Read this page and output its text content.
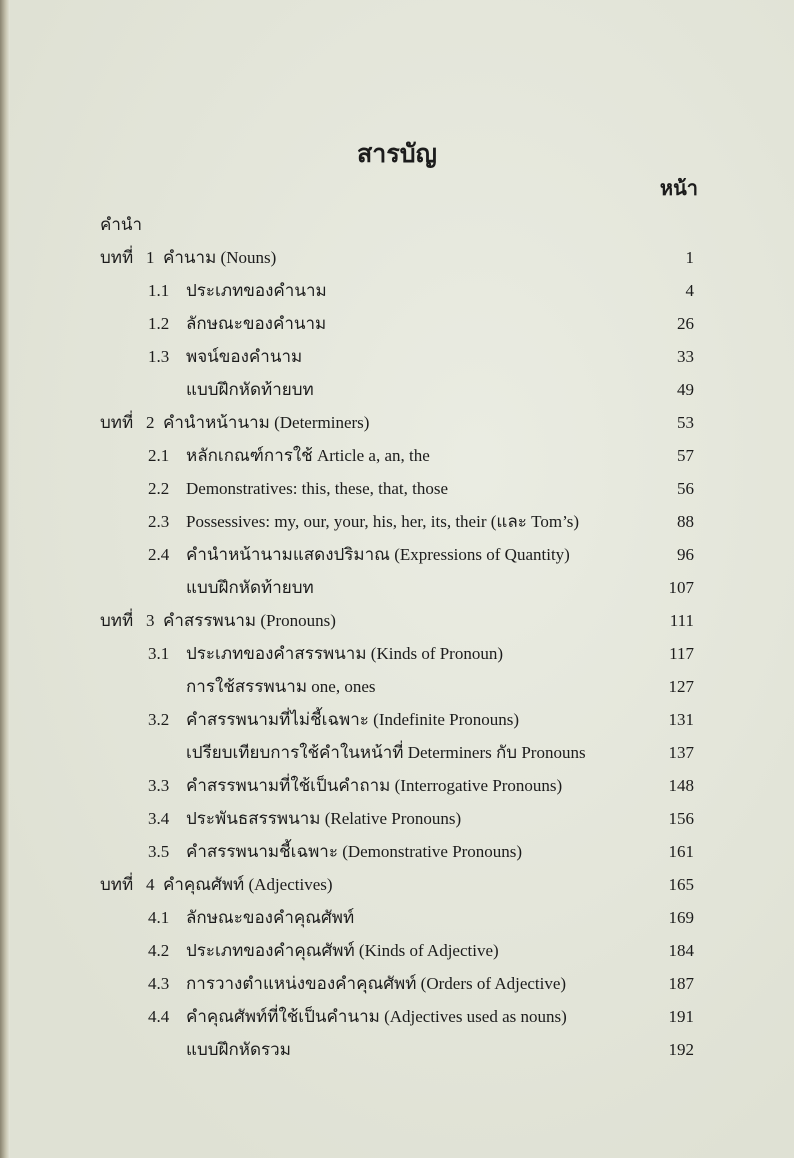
สารบัญ
หน้า
คำนำ
บทที่ 1 คำนาม (Nouns)	1
1.1 ประเภทของคำนาม	4
1.2 ลักษณะของคำนาม	26
1.3 พจน์ของคำนาม	33
แบบฝึกหัดท้ายบท	49
บทที่ 2 คำนำหน้านาม (Determiners)	53
2.1 หลักเกณฑ์การใช้ Article a, an, the	57
2.2 Demonstratives: this, these, that, those	56
2.3 Possessives: my, our, your, his, her, its, their (และ Tom’s)	88
2.4 คำนำหน้านามแสดงปริมาณ (Expressions of Quantity)	96
แบบฝึกหัดท้ายบท	107
บทที่ 3 คำสรรพนาม (Pronouns)	111
3.1 ประเภทของคำสรรพนาม (Kinds of Pronoun)	117
การใช้สรรพนาม one, ones	127
3.2 คำสรรพนามที่ไม่ชี้เฉพาะ (Indefinite Pronouns)	131
เปรียบเทียบการใช้คำในหน้าที่ Determiners กับ Pronouns	137
3.3 คำสรรพนามที่ใช้เป็นคำถาม (Interrogative Pronouns)	148
3.4 ประพันธสรรพนาม (Relative Pronouns)	156
3.5 คำสรรพนามชี้เฉพาะ (Demonstrative Pronouns)	161
บทที่ 4 คำคุณศัพท์ (Adjectives)	165
4.1 ลักษณะของคำคุณศัพท์	169
4.2 ประเภทของคำคุณศัพท์ (Kinds of Adjective)	184
4.3 การวางตำแหน่งของคำคุณศัพท์ (Orders of Adjective)	187
4.4 คำคุณศัพท์ที่ใช้เป็นคำนาม (Adjectives used as nouns)	191
แบบฝึกหัดรวม	192
